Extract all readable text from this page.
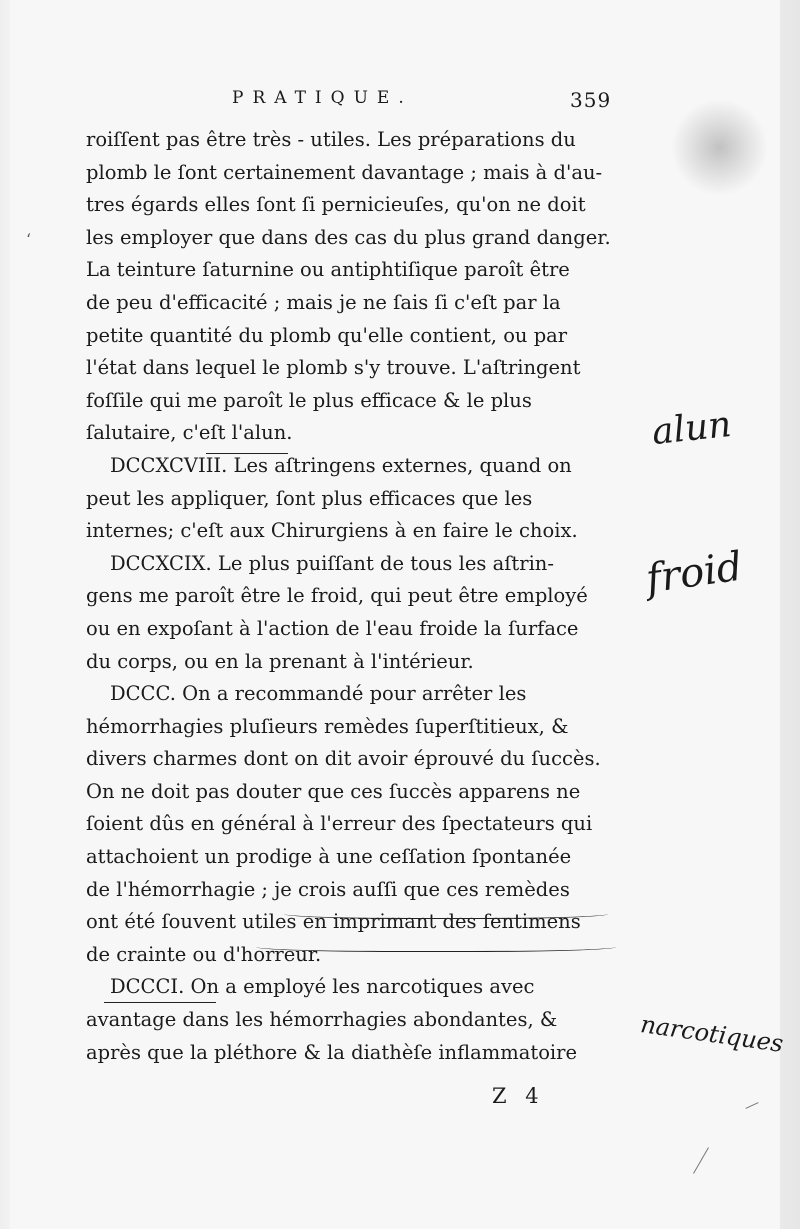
PRATIQUE.	359
roiſſent pas être très - utiles. Les préparations du
plomb le ſont certainement davantage ; mais à d'au-
tres égards elles ſont ſi pernicieuſes, qu'on ne doit
les employer que dans des cas du plus grand danger.
La teinture ſaturnine ou antiphtiſique paroît être
de peu d'efficacité ; mais je ne ſais ſi c'eſt par la
petite quantité du plomb qu'elle contient, ou par
l'état dans lequel le plomb s'y trouve. L'aſtringent
foſſile qui me paroît le plus efficace & le plus
ſalutaire, c'eſt l'alun.
DCCXCVIII. Les aſtringens externes, quand on
peut les appliquer, ſont plus efficaces que les
internes; c'eſt aux Chirurgiens à en faire le choix.
DCCXCIX. Le plus puiſſant de tous les aſtrin-
gens me paroît être le froid, qui peut être employé
ou en expoſant à l'action de l'eau froide la ſurface
du corps, ou en la prenant à l'intérieur.
DCCC. On a recommandé pour arrêter les
hémorrhagies pluſieurs remèdes ſuperſtitieux, &
divers charmes dont on dit avoir éprouvé du ſuccès.
On ne doit pas douter que ces ſuccès apparens ne
ſoient dûs en général à l'erreur des ſpectateurs qui
attachoient un prodige à une ceſſation ſpontanée
de l'hémorrhagie ; je crois auſſi que ces remèdes
ont été ſouvent utiles en imprimant des ſentimens
de crainte ou d'horreur.
DCCCI. On a employé les narcotiques avec
avantage dans les hémorrhagies abondantes, &
après que la pléthore & la diathèſe inflammatoire
Z 4
alun
froid
narcotiques
ʻ
